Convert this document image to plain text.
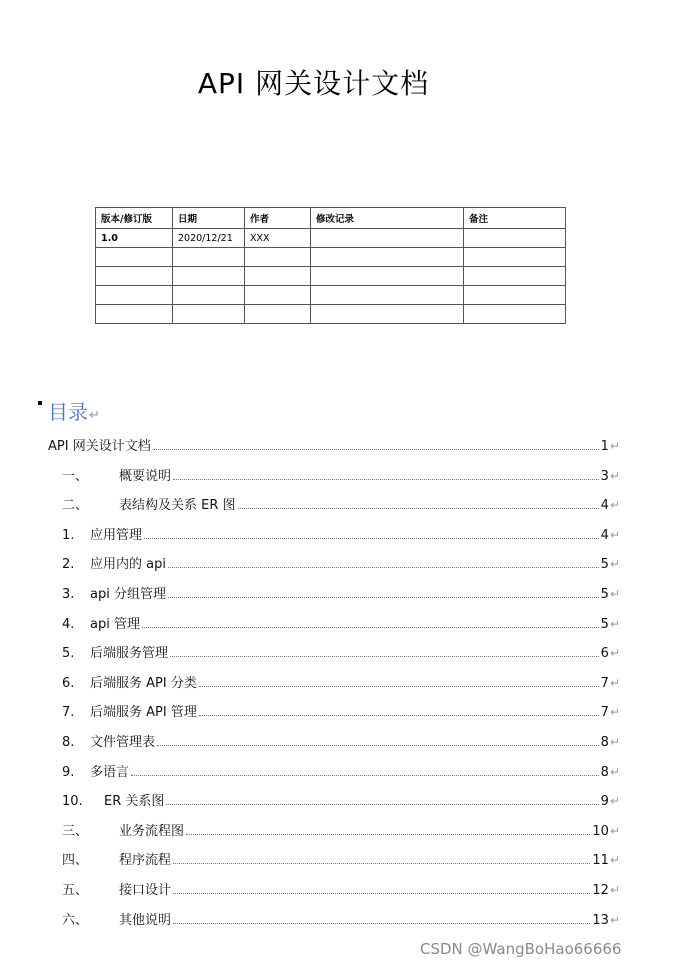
API 网关设计文档
版本/修订版	日期	作者	修改记录	备注
1.0	2020/12/21	XXX		

目录↵
API 网关设计文档	1↵
一、	概要说明	3↵
二、	表结构及关系 ER 图	4↵
1.	应用管理	4↵
2.	应用内的 api	5↵
3.	api 分组管理	5↵
4.	api 管理	5↵
5.	后端服务管理	6↵
6.	后端服务 API 分类	7↵
7.	后端服务 API 管理	7↵
8.	文件管理表	8↵
9.	多语言	8↵
10.	ER 关系图	9↵
三、	业务流程图	10↵
四、	程序流程	11↵
五、	接口设计	12↵
六、	其他说明	13↵
CSDN @WangBoHao66666
